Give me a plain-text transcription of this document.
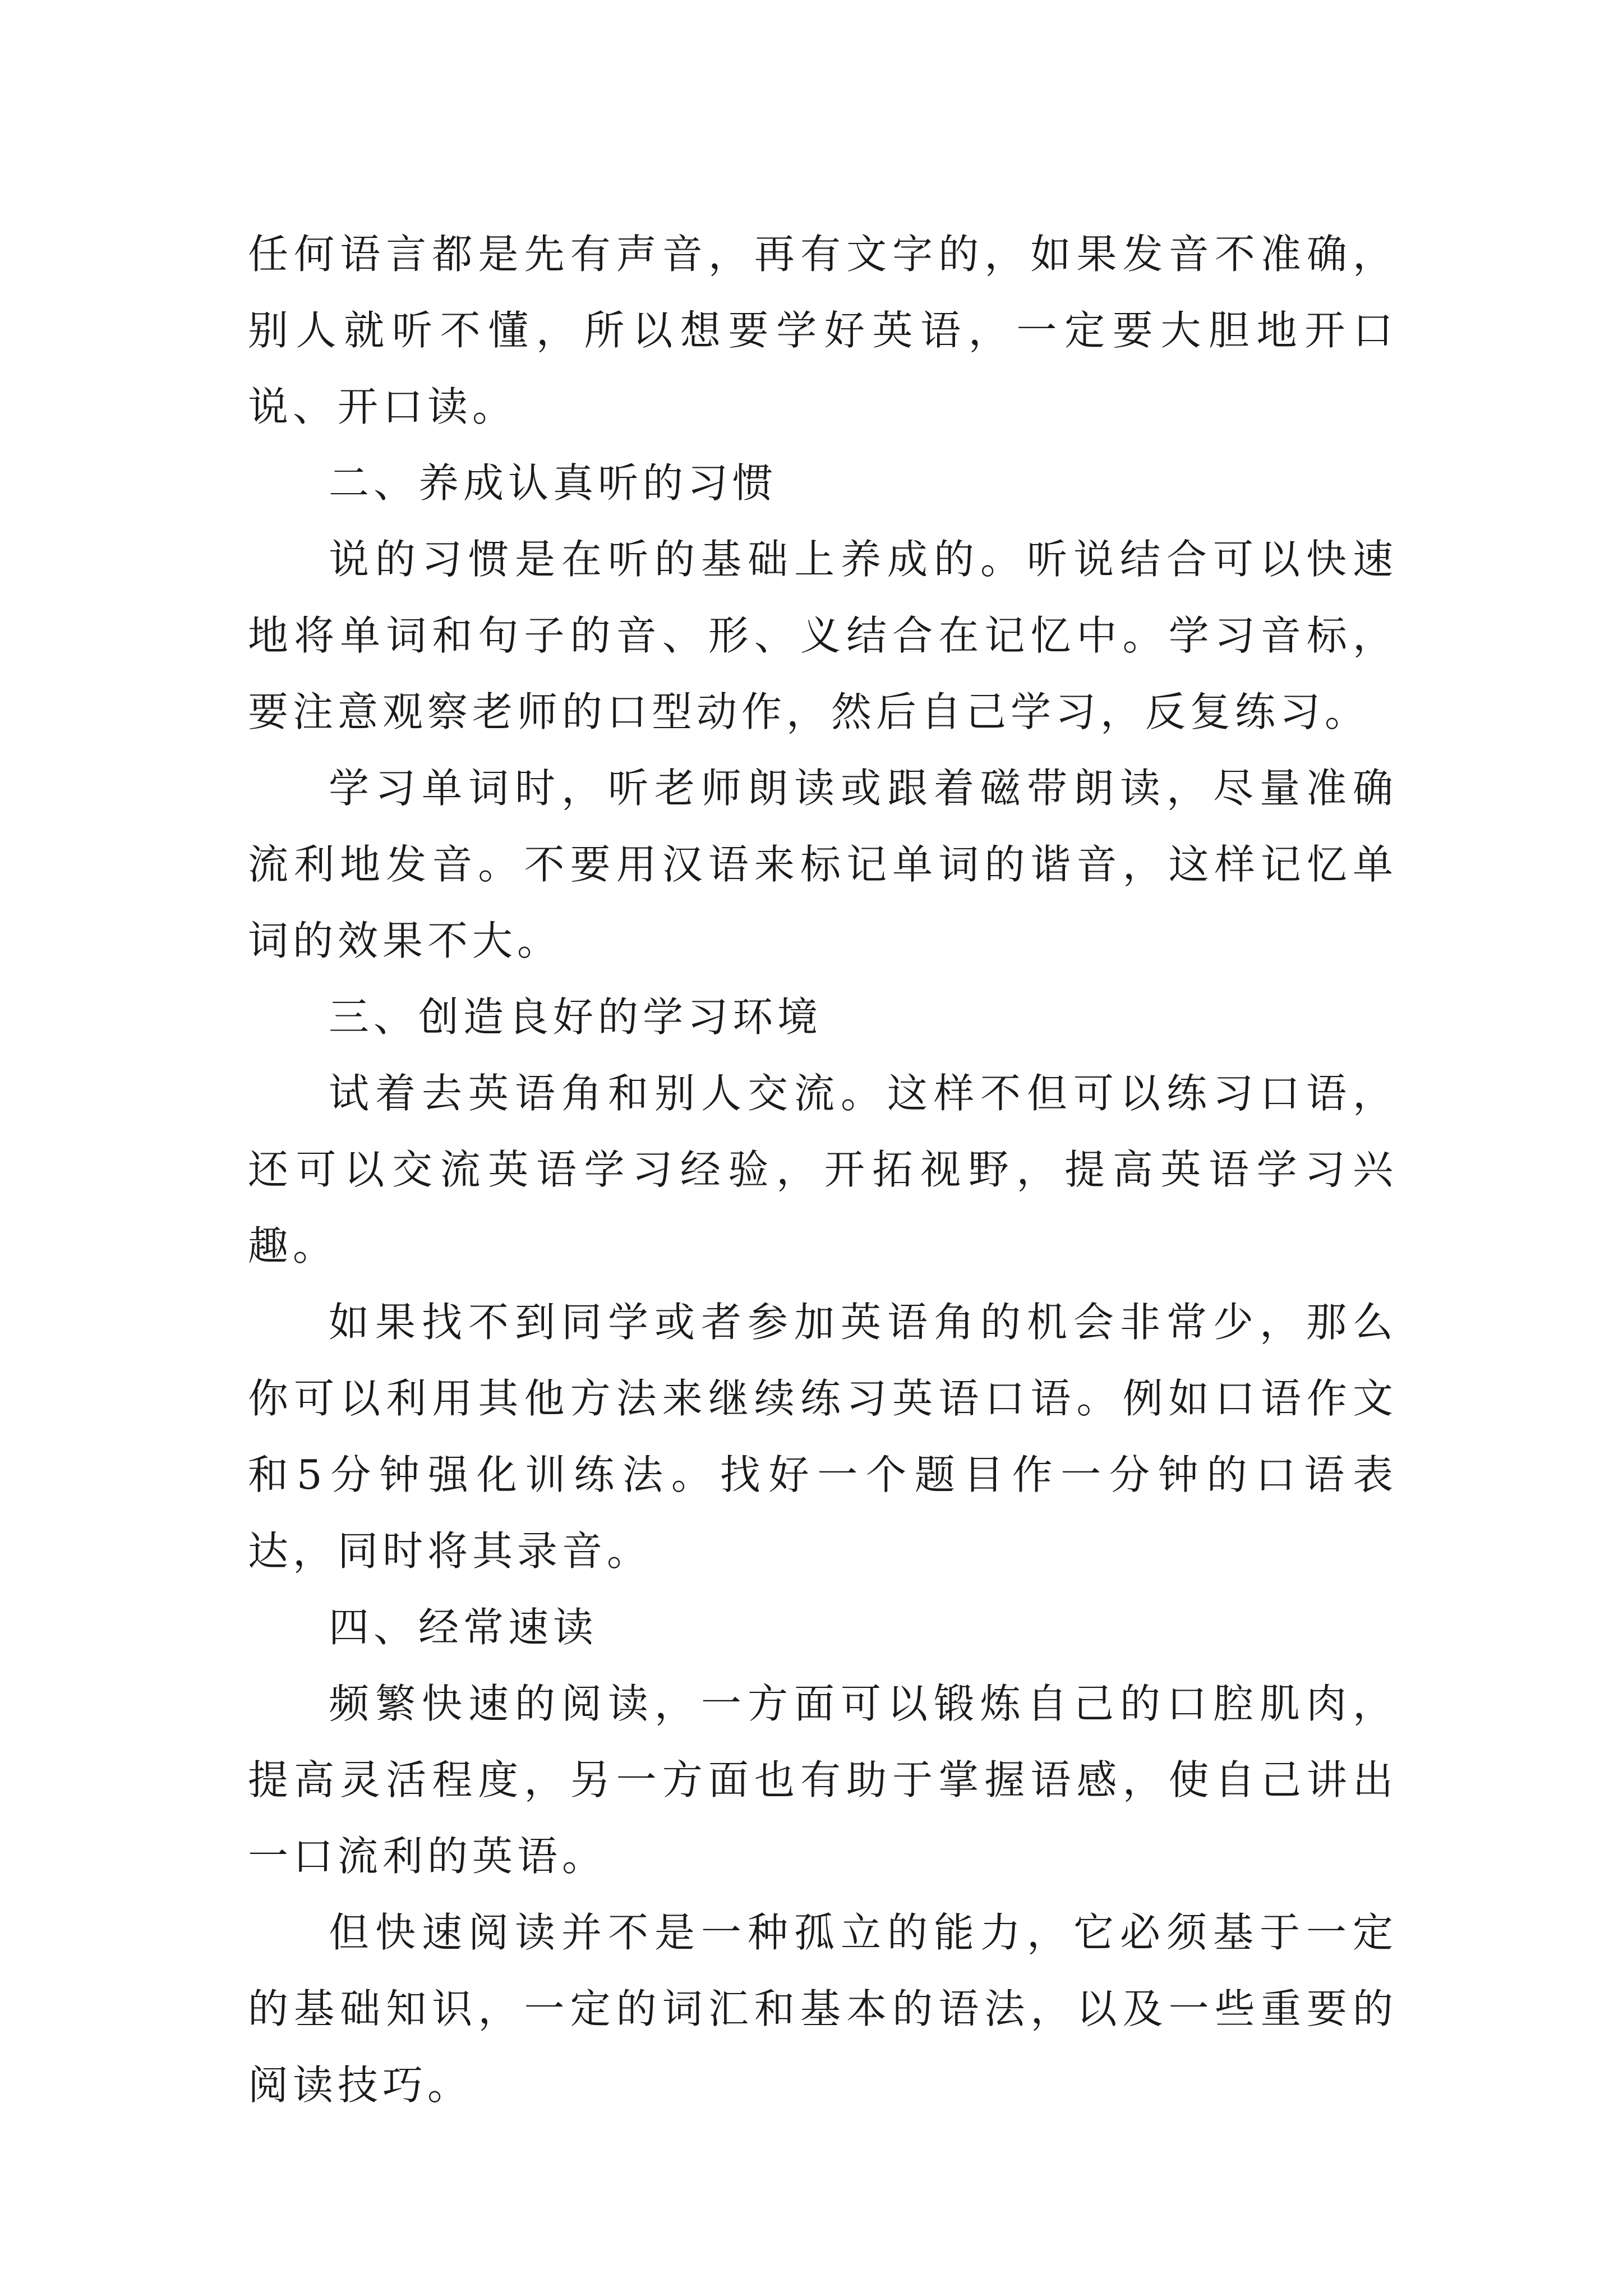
任何语言都是先有声音，再有文字的，如果发音不准确，别人就听不懂，所以想要学好英语，一定要大胆地开口说、开口读。

二、养成认真听的习惯

说的习惯是在听的基础上养成的。听说结合可以快速地将单词和句子的音、形、义结合在记忆中。学习音标，要注意观察老师的口型动作，然后自己学习，反复练习。

学习单词时，听老师朗读或跟着磁带朗读，尽量准确流利地发音。不要用汉语来标记单词的谐音，这样记忆单词的效果不大。

三、创造良好的学习环境

试着去英语角和别人交流。这样不但可以练习口语，还可以交流英语学习经验，开拓视野，提高英语学习兴趣。

如果找不到同学或者参加英语角的机会非常少，那么你可以利用其他方法来继续练习英语口语。例如口语作文和5分钟强化训练法。找好一个题目作一分钟的口语表达，同时将其录音。

四、经常速读

频繁快速的阅读，一方面可以锻炼自己的口腔肌肉，提高灵活程度，另一方面也有助于掌握语感，使自己讲出一口流利的英语。

但快速阅读并不是一种孤立的能力，它必须基于一定的基础知识，一定的词汇和基本的语法，以及一些重要的阅读技巧。
